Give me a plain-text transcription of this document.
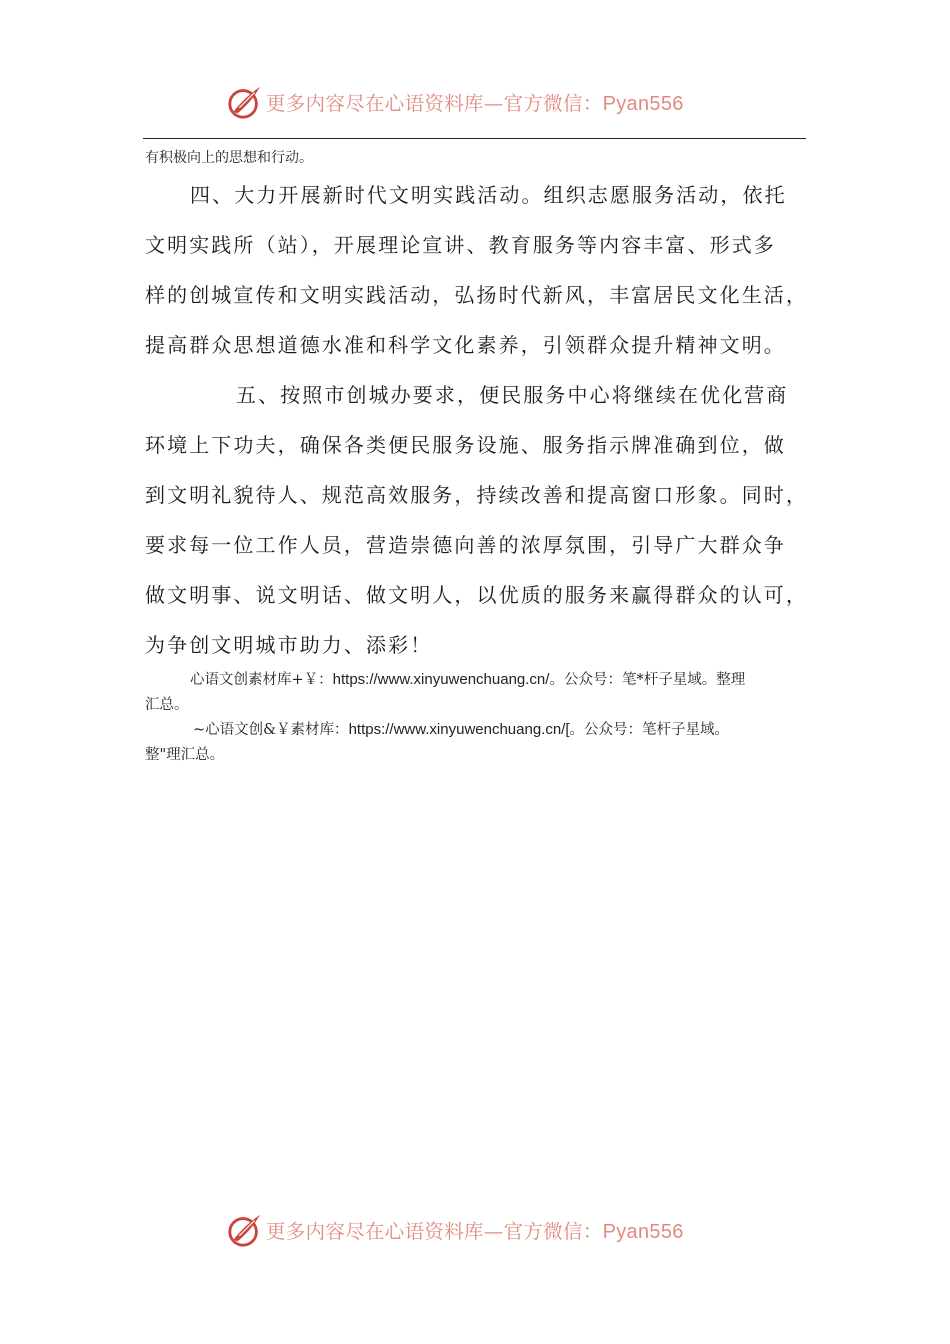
更多内容尽在心语资料库—官方微信：Pyan556
有积极向上的思想和行动。
四、大力开展新时代文明实践活动。组织志愿服务活动，依托
文明实践所（站），开展理论宣讲、教育服务等内容丰富、形式多
样的创城宣传和文明实践活动，弘扬时代新风，丰富居民文化生活，
提高群众思想道德水准和科学文化素养，引领群众提升精神文明。
五、按照市创城办要求，便民服务中心将继续在优化营商
环境上下功夫，确保各类便民服务设施、服务指示牌准确到位，做
到文明礼貌待人、规范高效服务，持续改善和提高窗口形象。同时，
要求每一位工作人员，营造崇德向善的浓厚氛围，引导广大群众争
做文明事、说文明话、做文明人，以优质的服务来赢得群众的认可，
为争创文明城市助力、添彩！
心语文创素材库+￥：https://www.xinyuwenchuang.cn/。公众号：笔*杆子星域。整理
汇总。
~心语文创&￥素材库：https://www.xinyuwenchuang.cn/[。公众号：笔杆子星域。
整"理汇总。
更多内容尽在心语资料库—官方微信：Pyan556
